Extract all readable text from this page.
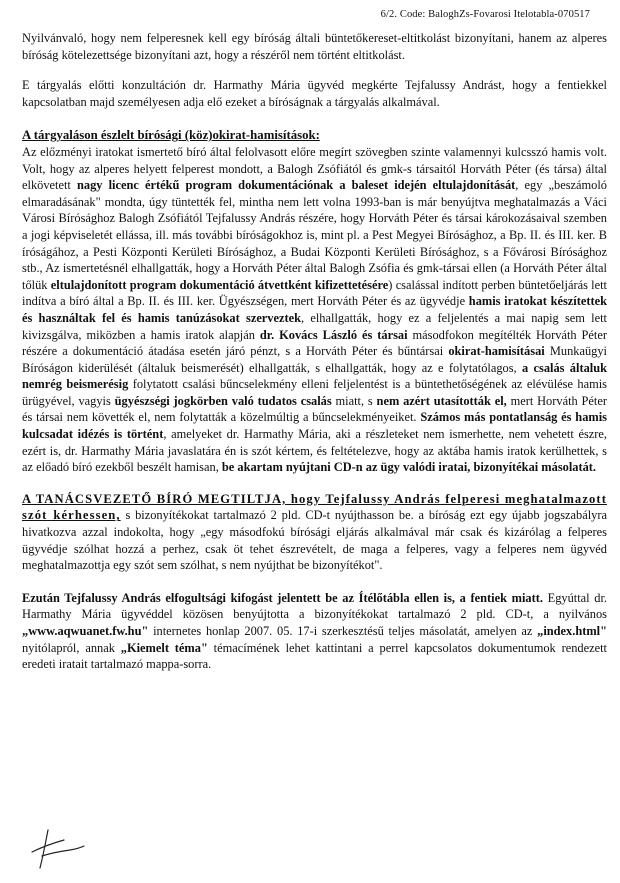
6/2. Code: BaloghZs-Fovarosi Itelotabla-070517

Nyilvánvaló, hogy nem felperesnek kell egy bíróság általi büntetőkereset-eltitkolást bizonyítani, hanem az alperes bíróság kötelezettsége bizonyítani azt, hogy a részéről nem történt eltitkolást.

E tárgyalás előtti konzultáción dr. Harmathy Mária ügyvéd megkérte Tejfalussy Andrást, hogy a fentiekkel kapcsolatban majd személyesen adja elő ezeket a bíróságnak a tárgyalás alkalmával.

A tárgyaláson észlelt bírósági (köz)okirat-hamisítások:
Az előzményi iratokat ismertető bíró által felolvasott előre megírt szövegben szinte valamennyi kulcsszó hamis volt. Volt, hogy az alperes helyett felperest mondott, a Balogh Zsófiától és gmk-s társaitól Horváth Péter (és társa) által elkövetett nagy licenc értékű program dokumentációnak a baleset idején eltulajdonítását, egy „beszámoló elmaradásának" mondta, úgy tüntették fel, mintha nem lett volna 1993-ban is már benyújtva meghatalmazás a Váci Városi Bírósághoz Balogh Zsófiától Tejfalussy András részére, hogy Horváth Péter és társai károkozásaival szemben a jogi képviseletét ellássa, ill. más további bíróságokhoz is, mint pl. a Pest Megyei Bírósághoz, a Bp. II. és III. ker. B íróságához, a Pesti Központi Kerületi Bírósághoz, a Budai Központi Kerületi Bírósághoz, s a Fővárosi Bírósághoz stb., Az ismertetésnél elhallgatták, hogy a Horváth Péter által Balogh Zsófia és gmk-társai ellen (a Horváth Péter által tőlük eltulajdonított program dokumentáció átvettként kifizettetésére) csalással indított perben büntetőeljárás lett indítva a bíró által a Bp. II. és III. ker. Ügyészségen, mert Horváth Péter és az ügyvédje hamis iratokat készítettek és használtak fel és hamis tanúzásokat szerveztek, elhallgatták, hogy ez a feljelentés a mai napig sem lett kivizsgálva, miközben a hamis iratok alapján dr. Kovács László és társai másodfokon megítélték Horváth Péter részére a dokumentáció átadása esetén járó pénzt, s a Horváth Péter és bűntársai okirat-hamisításai Munkaügyi Bíróságon kiderülését (általuk beismerését) elhallgatták, s elhallgatták, hogy az e folytatólagos, a csalás általuk nemrég beismerésig folytatott csalási bűncselekmény elleni feljelentést is a büntethetőségének az elévülése hamis ürügyével, vagyis ügyészségi jogkörben való tudatos csalás miatt, s nem azért utasították el, mert Horváth Péter és társai nem követték el, nem folytatták a közelmúltig a bűncselekményeiket. Számos más pontatlanság és hamis kulcsadat idézés is történt, amelyeket dr. Harmathy Mária, aki a részleteket nem ismerhette, nem vehetett észre, ezért is, dr. Harmathy Mária javaslatára én is szót kértem, és feltételezve, hogy az aktába hamis iratok kerülhettek, s az előadó bíró ezekből beszélt hamisan, be akartam nyújtani CD-n az ügy valódi iratai, bizonyítékai másolatát.

A TANÁCSVEZETŐ BÍRÓ MEGTILTJA, hogy Tejfalussy András felperesi meghatalmazott szót kérhessen, s bizonyítékokat tartalmazó 2 pld. CD-t nyújthasson be. a bíróság ezt egy újabb jogszabályra hivatkozva azzal indokolta, hogy „egy másodfokú bírósági eljárás alkalmával már csak és kizárólag a felperes ügyvédje szólhat hozzá a perhez, csak öt tehet észrevételt, de maga a felperes, vagy a felperes nem ügyvéd meghatalmazottja egy szót sem szólhat, s nem nyújthat be bizonyítékot".

Ezután Tejfalussy András elfogultsági kifogást jelentett be az Ítélőtábla ellen is, a fentiek miatt. Egyúttal dr. Harmathy Mária ügyvéddel közösen benyújtotta a bizonyítékokat tartalmazó 2 pld. CD-t, a nyilvános „www.aqwuanet.fw.hu" internetes honlap 2007. 05. 17-i szerkesztésű teljes másolatát, amelyen az „index.html" nyitólapról, annak „Kiemelt téma" témacímének lehet kattintani a perrel kapcsolatos dokumentumok rendezett eredeti iratait tartalmazó mappa-sorra.
